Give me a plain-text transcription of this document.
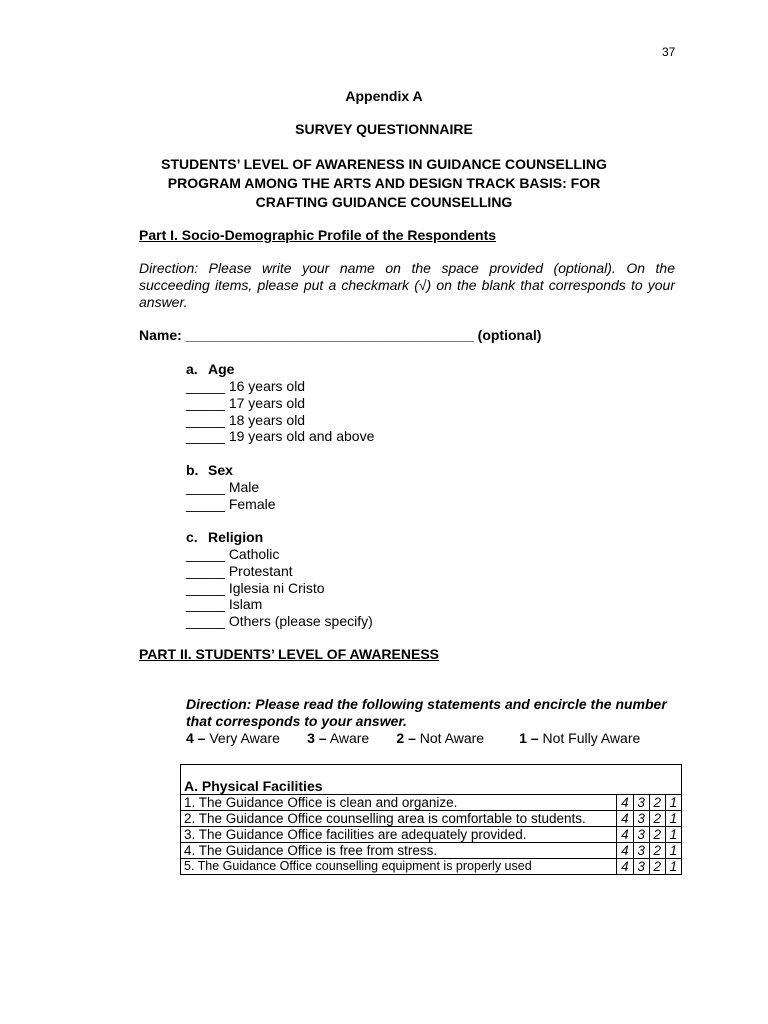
37
Appendix A
SURVEY QUESTIONNAIRE
STUDENTS’ LEVEL OF AWARENESS IN GUIDANCE COUNSELLING
PROGRAM AMONG THE ARTS AND DESIGN TRACK BASIS: FOR
CRAFTING GUIDANCE COUNSELLING
Part I. Socio-Demographic Profile of the Respondents
Direction: Please write your name on the space provided (optional). On the succeeding items, please put a checkmark (√) on the blank that corresponds to your answer.
Name: _____________________________________ (optional)
a. Age
_____ 16 years old
_____ 17 years old
_____ 18 years old
_____ 19 years old and above
b. Sex
_____ Male
_____ Female
c. Religion
_____ Catholic
_____ Protestant
_____ Iglesia ni Cristo
_____ Islam
_____ Others (please specify)
PART II. STUDENTS’ LEVEL OF AWARENESS
Direction: Please read the following statements and encircle the number that corresponds to your answer.
4 – Very Aware 3 – Aware 2 – Not Aware	1 – Not Fully Aware
A. Physical Facilities				
1. The Guidance Office is clean and organize.	4	3	2	1
2. The Guidance Office counselling area is comfortable to students.	4	3	2	1
3. The Guidance Office facilities are adequately provided.	4	3	2	1
4. The Guidance Office is free from stress.	4	3	2	1
5. The Guidance Office counselling equipment is properly used	4	3	2	1
